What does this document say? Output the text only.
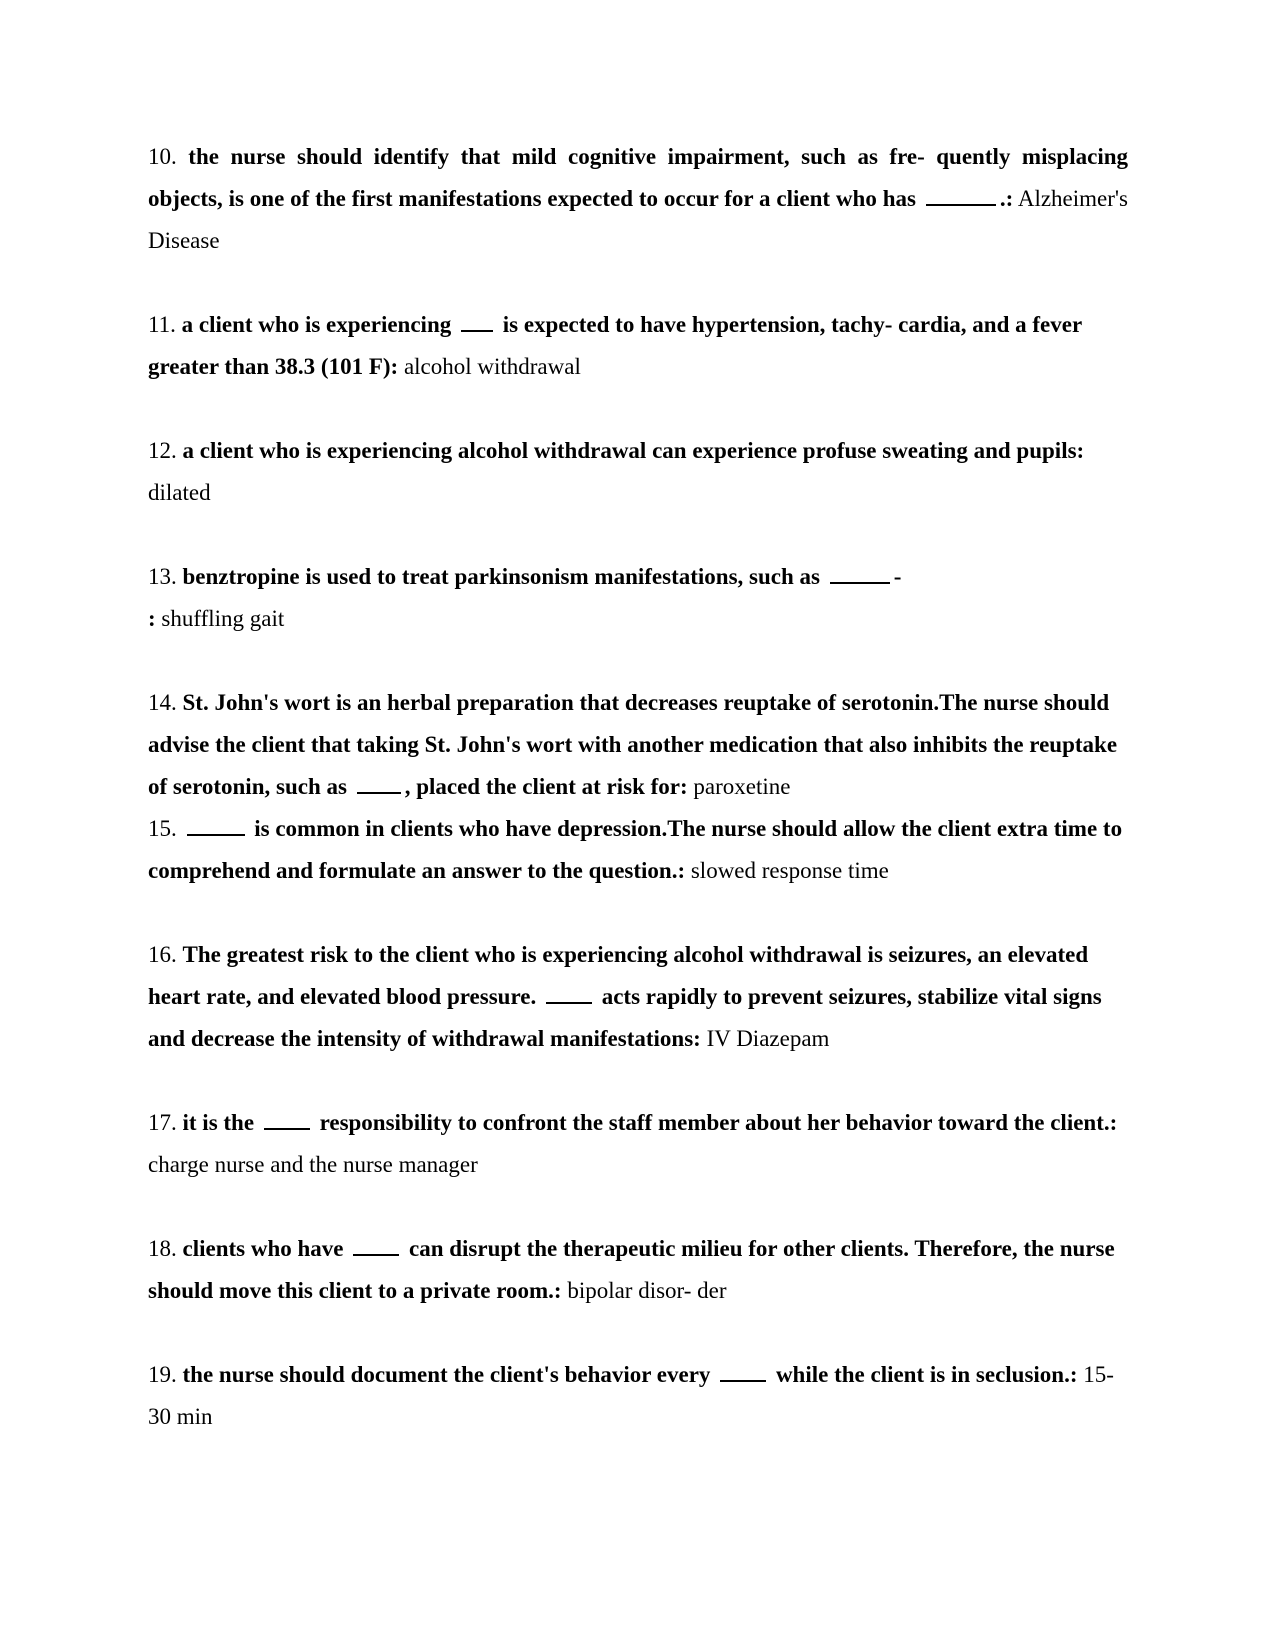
10. the nurse should identify that mild cognitive impairment, such as fre- quently misplacing objects, is one of the first manifestations expected to occur for a client who has	.: Alzheimer's Disease

11. a client who is experiencing is expected to have hypertension, tachy- cardia, and a fever greater than 38.3 (101 F): alcohol withdrawal

12. a client who is experiencing alcohol withdrawal can experience profuse sweating and pupils: dilated

13. benztropine is used to treat parkinsonism manifestations, such as	-
: shuffling gait

14. St. John's wort is an herbal preparation that decreases reuptake of serotonin.The nurse should advise the client that taking St. John's wort with another medication that also inhibits the reuptake of serotonin, such as	, placed the client at risk for: paroxetine

15.	is common in clients who have depression.The nurse should allow the client extra time to comprehend and formulate an answer to the question.: slowed response time

16. The greatest risk to the client who is experiencing alcohol withdrawal is seizures, an elevated heart rate, and elevated blood pressure.	acts rapidly to prevent seizures, stabilize vital signs and decrease the intensity of withdrawal manifestations: IV Diazepam

17. it is the	responsibility to confront the staff member about her behavior toward the client.: charge nurse and the nurse manager

18. clients who have	can disrupt the therapeutic milieu for other clients. Therefore, the nurse should move this client to a private room.: bipolar disor- der

19. the nurse should document the client's behavior every	while the client is in seclusion.: 15-30 min
